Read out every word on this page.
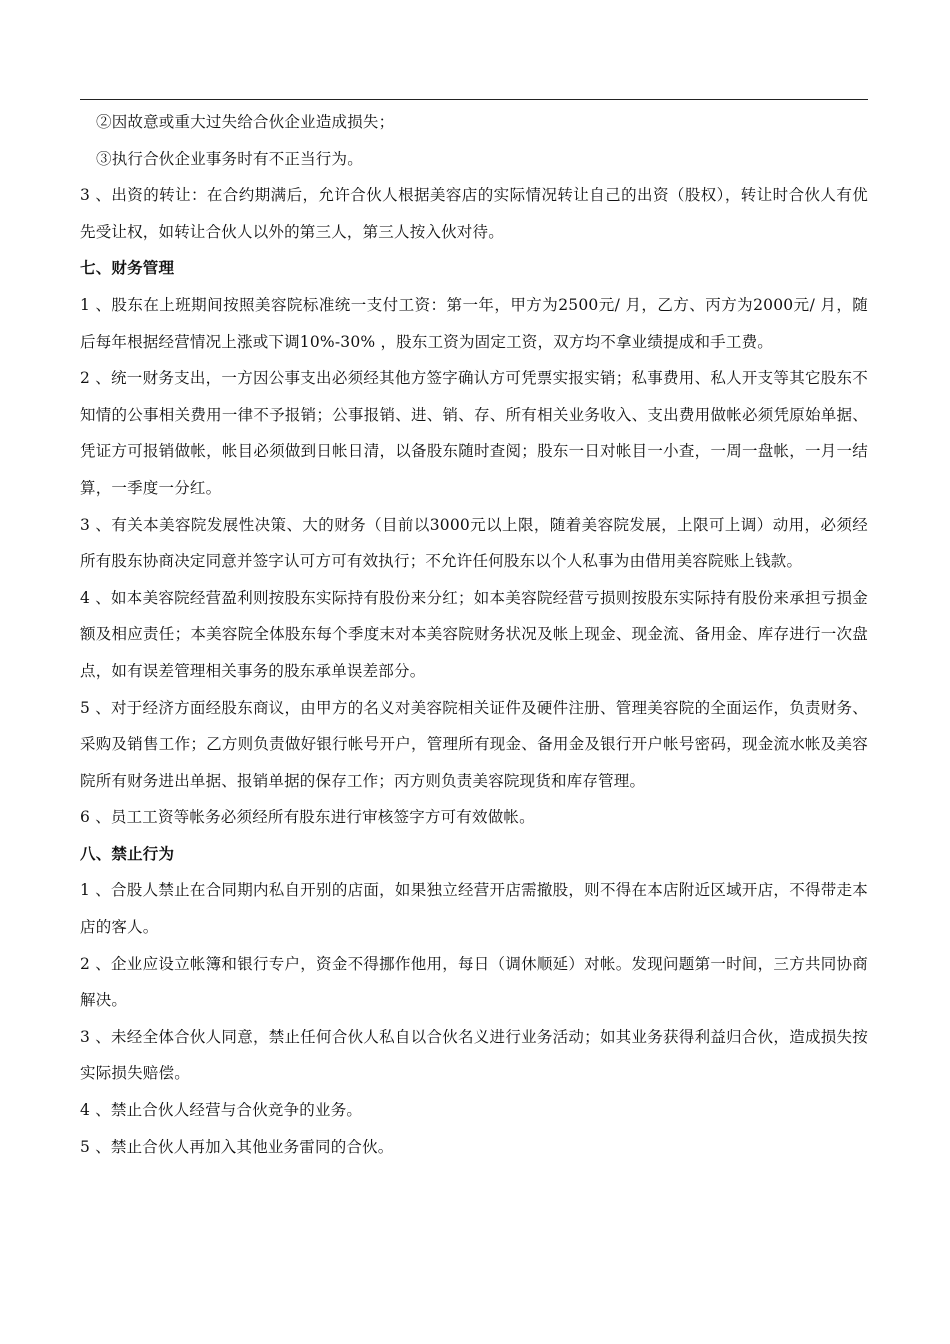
②因故意或重大过失给合伙企业造成损失；

③执行合伙企业事务时有不正当行为。

3 、出资的转让：在合约期满后，允许合伙人根据美容店的实际情况转让自己的出资（股权），转让时合伙人有优先受让权，如转让合伙人以外的第三人，第三人按入伙对待。

七、财务管理

1 、股东在上班期间按照美容院标准统一支付工资：第一年，甲方为2500元/ 月，乙方、丙方为2000元/ 月，随后每年根据经营情况上涨或下调10%-30% ，股东工资为固定工资，双方均不拿业绩提成和手工费。

2 、统一财务支出，一方因公事支出必须经其他方签字确认方可凭票实报实销；私事费用、私人开支等其它股东不知情的公事相关费用一律不予报销；公事报销、进、销、存、所有相关业务收入、支出费用做帐必须凭原始单据、凭证方可报销做帐，帐目必须做到日帐日清，以备股东随时查阅；股东一日对帐目一小查，一周一盘帐，一月一结算，一季度一分红。

3 、有关本美容院发展性决策、大的财务（目前以3000元以上限，随着美容院发展，上限可上调）动用，必须经所有股东协商决定同意并签字认可方可有效执行；不允许任何股东以个人私事为由借用美容院账上钱款。

4 、如本美容院经营盈利则按股东实际持有股份来分红；如本美容院经营亏损则按股东实际持有股份来承担亏损金额及相应责任；本美容院全体股东每个季度末对本美容院财务状况及帐上现金、现金流、备用金、库存进行一次盘点，如有误差管理相关事务的股东承单误差部分。

5 、对于经济方面经股东商议，由甲方的名义对美容院相关证件及硬件注册、管理美容院的全面运作，负责财务、采购及销售工作；乙方则负责做好银行帐号开户，管理所有现金、备用金及银行开户帐号密码，现金流水帐及美容院所有财务进出单据、报销单据的保存工作；丙方则负责美容院现货和库存管理。

6 、员工工资等帐务必须经所有股东进行审核签字方可有效做帐。

八、禁止行为

1 、合股人禁止在合同期内私自开别的店面，如果独立经营开店需撤股，则不得在本店附近区域开店，不得带走本店的客人。

2 、企业应设立帐簿和银行专户，资金不得挪作他用，每日（调休顺延）对帐。发现问题第一时间，三方共同协商解决。

3 、未经全体合伙人同意，禁止任何合伙人私自以合伙名义进行业务活动；如其业务获得利益归合伙，造成损失按实际损失赔偿。

4 、禁止合伙人经营与合伙竞争的业务。

5 、禁止合伙人再加入其他业务雷同的合伙。
